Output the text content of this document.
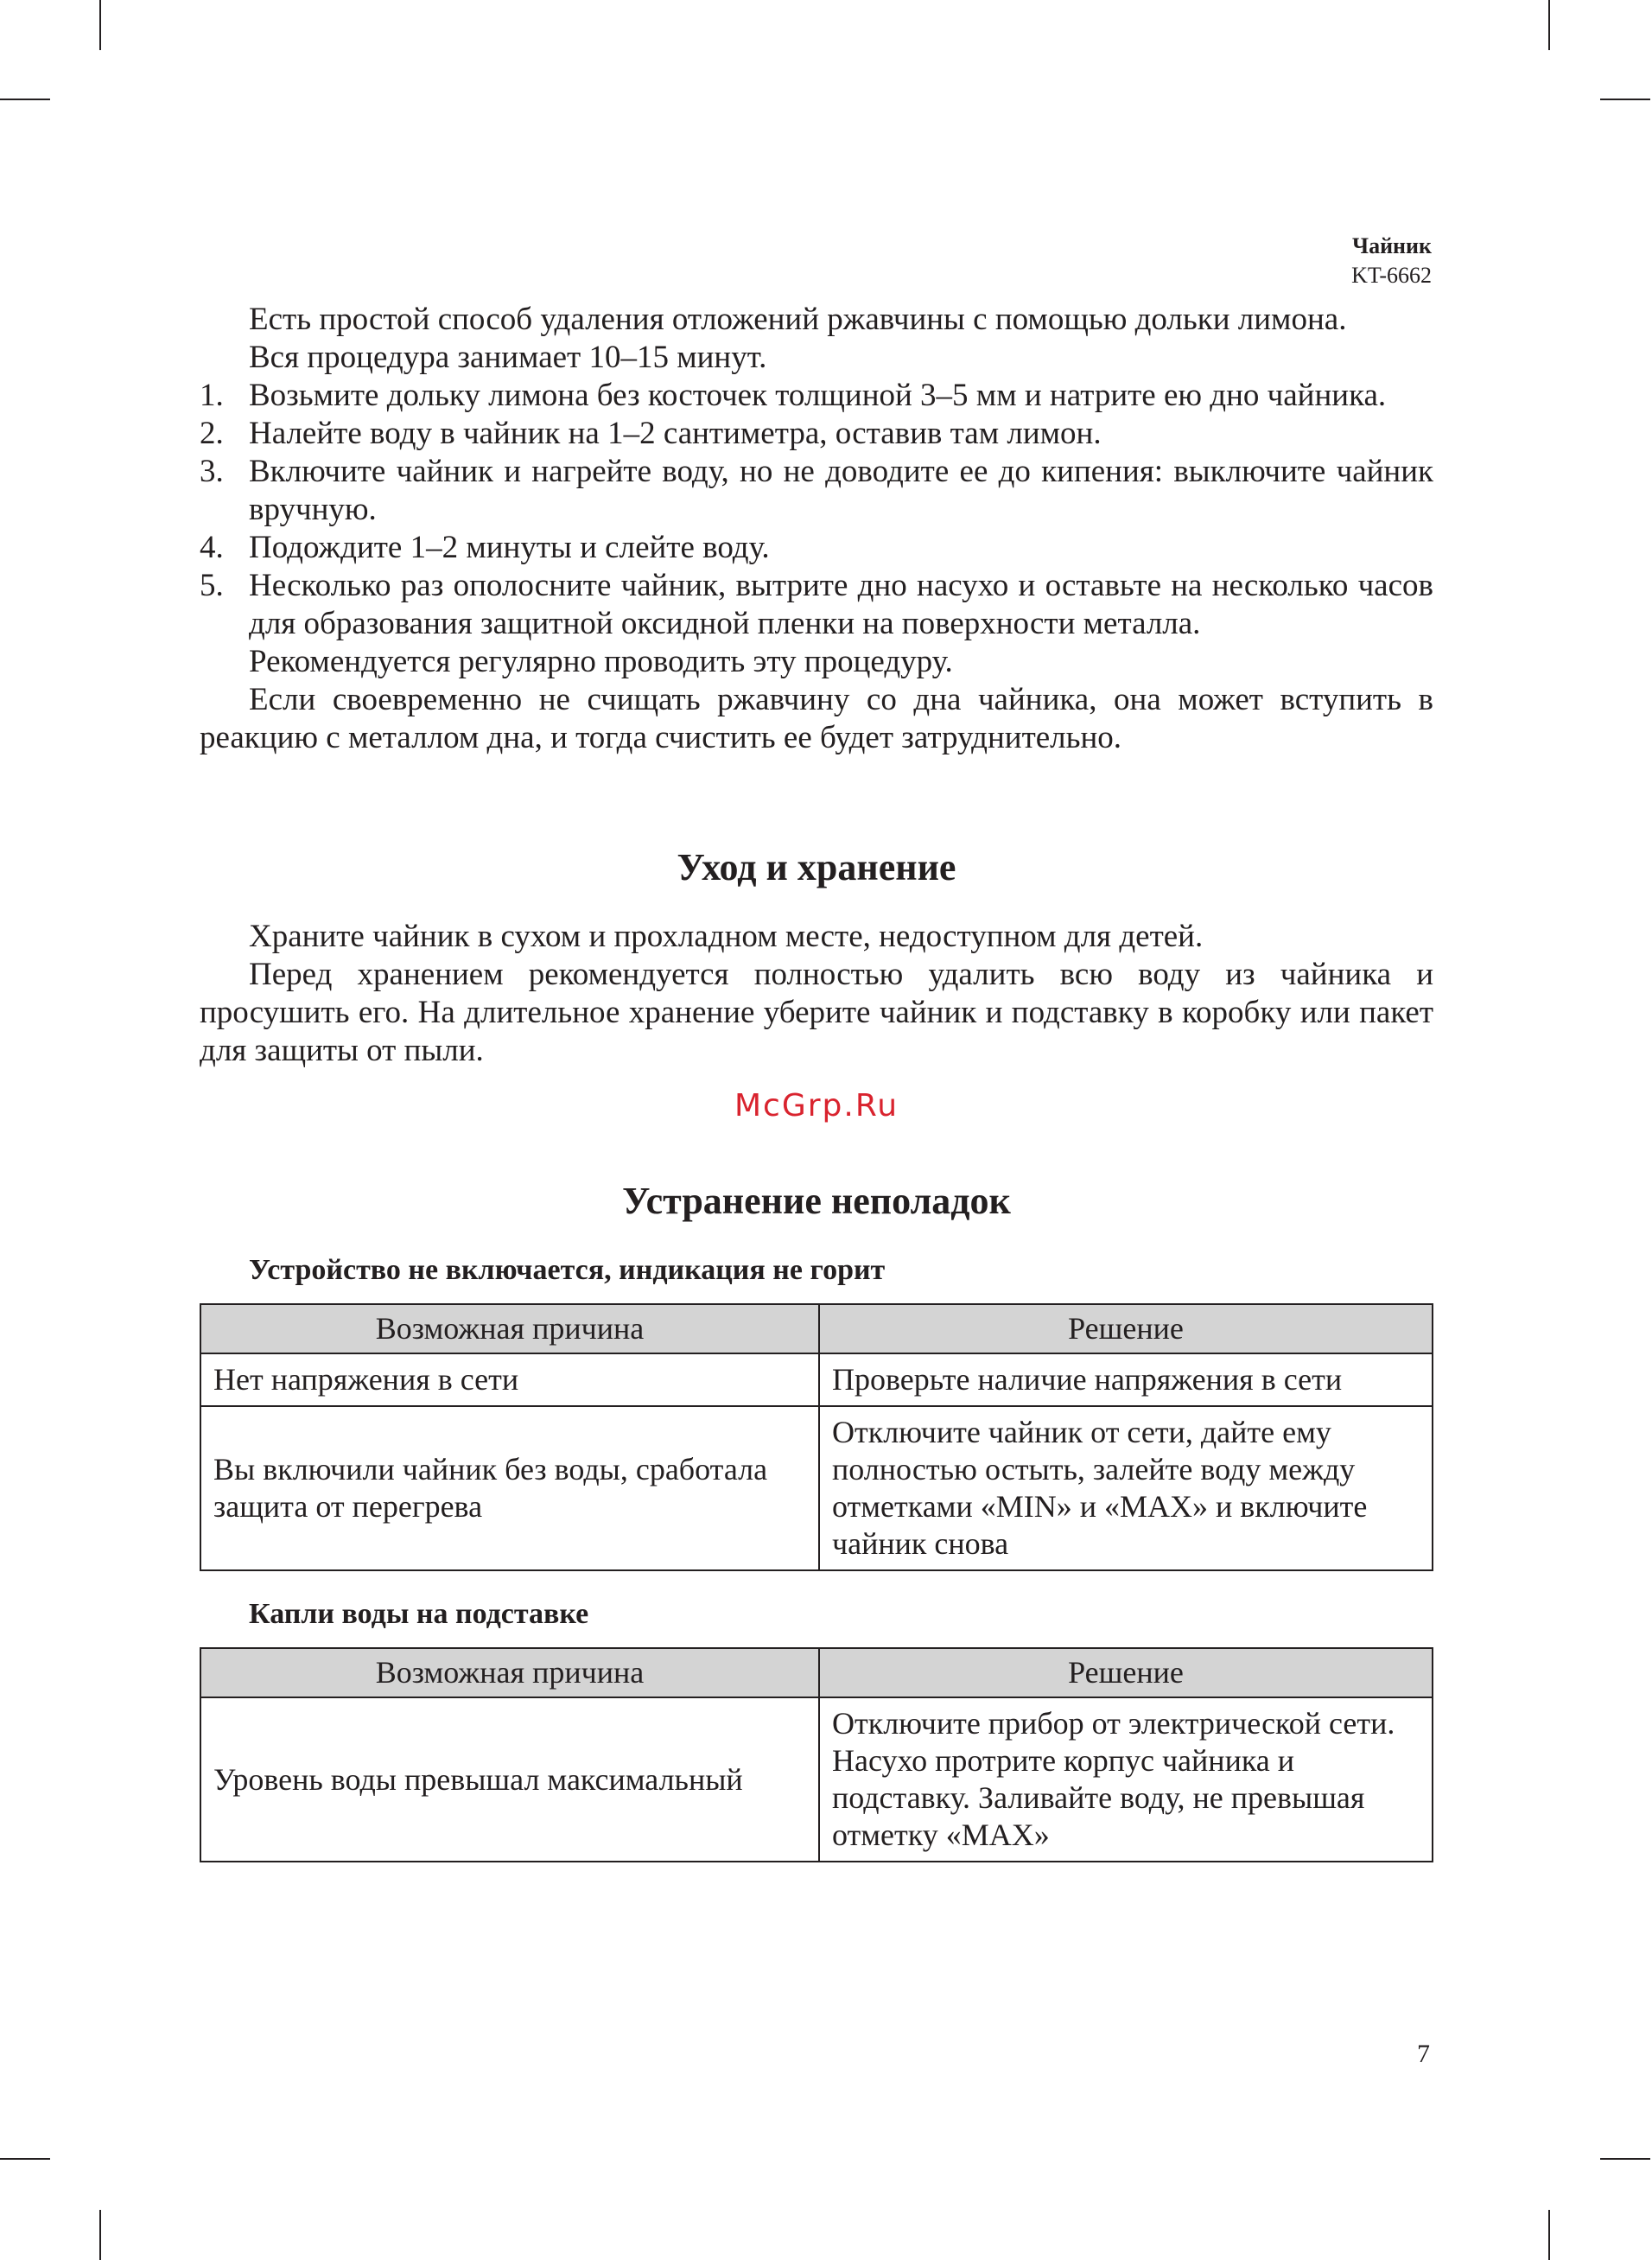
Чайник
KT-6662

Есть простой способ удаления отложений ржавчины с помощью дольки лимона.

Вся процедура занимает 10–15 минут.

1. Возьмите дольку лимона без косточек толщиной 3–5 мм и натрите ею дно чайника.
2. Налейте воду в чайник на 1–2 сантиметра, оставив там лимон.
3. Включите чайник и нагрейте воду, но не доводите ее до кипения: выключите чайник вручную.
4. Подождите 1–2 минуты и слейте воду.
5. Несколько раз ополосните чайник, вытрите дно насухо и оставьте на несколько часов для образования защитной оксидной пленки на поверхности металла.

Рекомендуется регулярно проводить эту процедуру.

Если своевременно не счищать ржавчину со дна чайника, она может вступить в реакцию с металлом дна, и тогда счистить ее будет затруднительно.

Уход и хранение

Храните чайник в сухом и прохладном месте, недоступном для детей.

Перед хранением рекомендуется полностью удалить всю воду из чайника и просушить его. На длительное хранение уберите чайник и подставку в коробку или пакет для защиты от пыли.

McGrp.Ru
Устранение неполадок
Устройство не включается, индикация не горит
Возможная причина	Решение
Нет напряжения в сети	Проверьте наличие напряжения в сети
Вы включили чайник без воды, сработала защита от перегрева	Отключите чайник от сети, дайте ему полностью остыть, залейте воду между отметками «MIN» и «MAX» и включите чайник снова
Капли воды на подставке
Возможная причина	Решение
Уровень воды превышал максимальный	Отключите прибор от электрической сети. Насухо протрите корпус чайника и подставку. Заливайте воду, не превышая отметку «MAX»
7
